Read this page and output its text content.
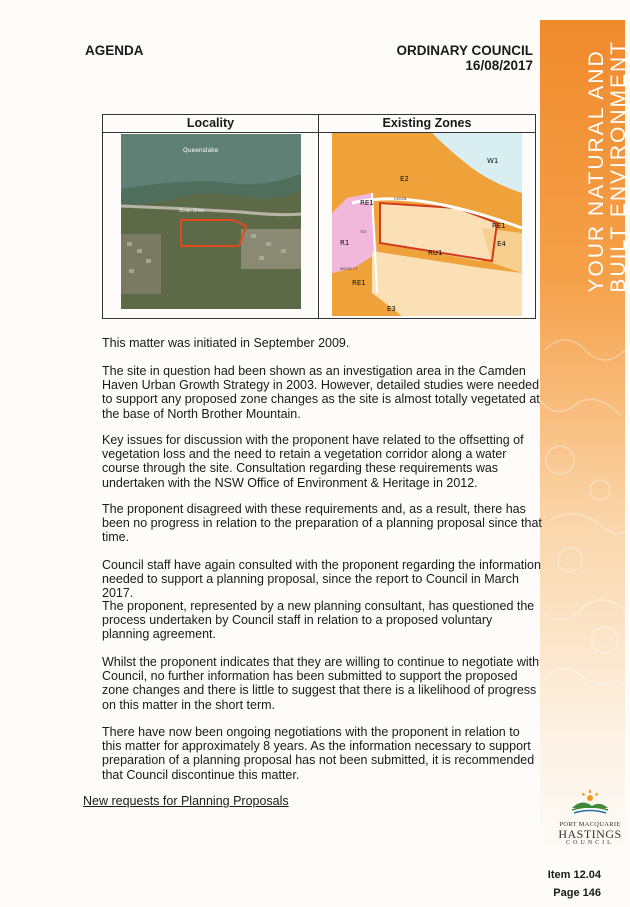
AGENDA	ORDINARY COUNCIL
16/08/2017 YOUR NATURAL AND BUILT ENVIRONMENT
Locality
Queenslake
Ocean Drive
Existing Zones
W1
E2
RE1
RE1
E4
R1
RU1
RE1
E3
OCEAN
TCE
WOOD CT

This matter was initiated in September 2009.

The site in question had been shown as an investigation area in the Camden Haven Urban Growth Strategy in 2003. However, detailed studies were needed to support any proposed zone changes as the site is almost totally vegetated at the base of North Brother Mountain.

Key issues for discussion with the proponent have related to the offsetting of vegetation loss and the need to retain a vegetation corridor along a water course through the site. Consultation regarding these requirements was undertaken with the NSW Office of Environment & Heritage in 2012.

The proponent disagreed with these requirements and, as a result, there has been no progress in relation to the preparation of a planning proposal since that time.

Council staff have again consulted with the proponent regarding the information needed to support a planning proposal, since the report to Council in March 2017.

The proponent, represented by a new planning consultant, has questioned the process undertaken by Council staff in relation to a proposed voluntary planning agreement.

Whilst the proponent indicates that they are willing to continue to negotiate with Council, no further information has been submitted to support the proposed zone changes and there is little to suggest that there is a likelihood of progress on this matter in the short term.

There have now been ongoing negotiations with the proponent in relation to this matter for approximately 8 years. As the information necessary to support preparation of a planning proposal has not been submitted, it is recommended that Council discontinue this matter.

New requests for Planning Proposals
PORT MACQUARIE
HASTINGS
COUNCIL
Item 12.04
Page 146
